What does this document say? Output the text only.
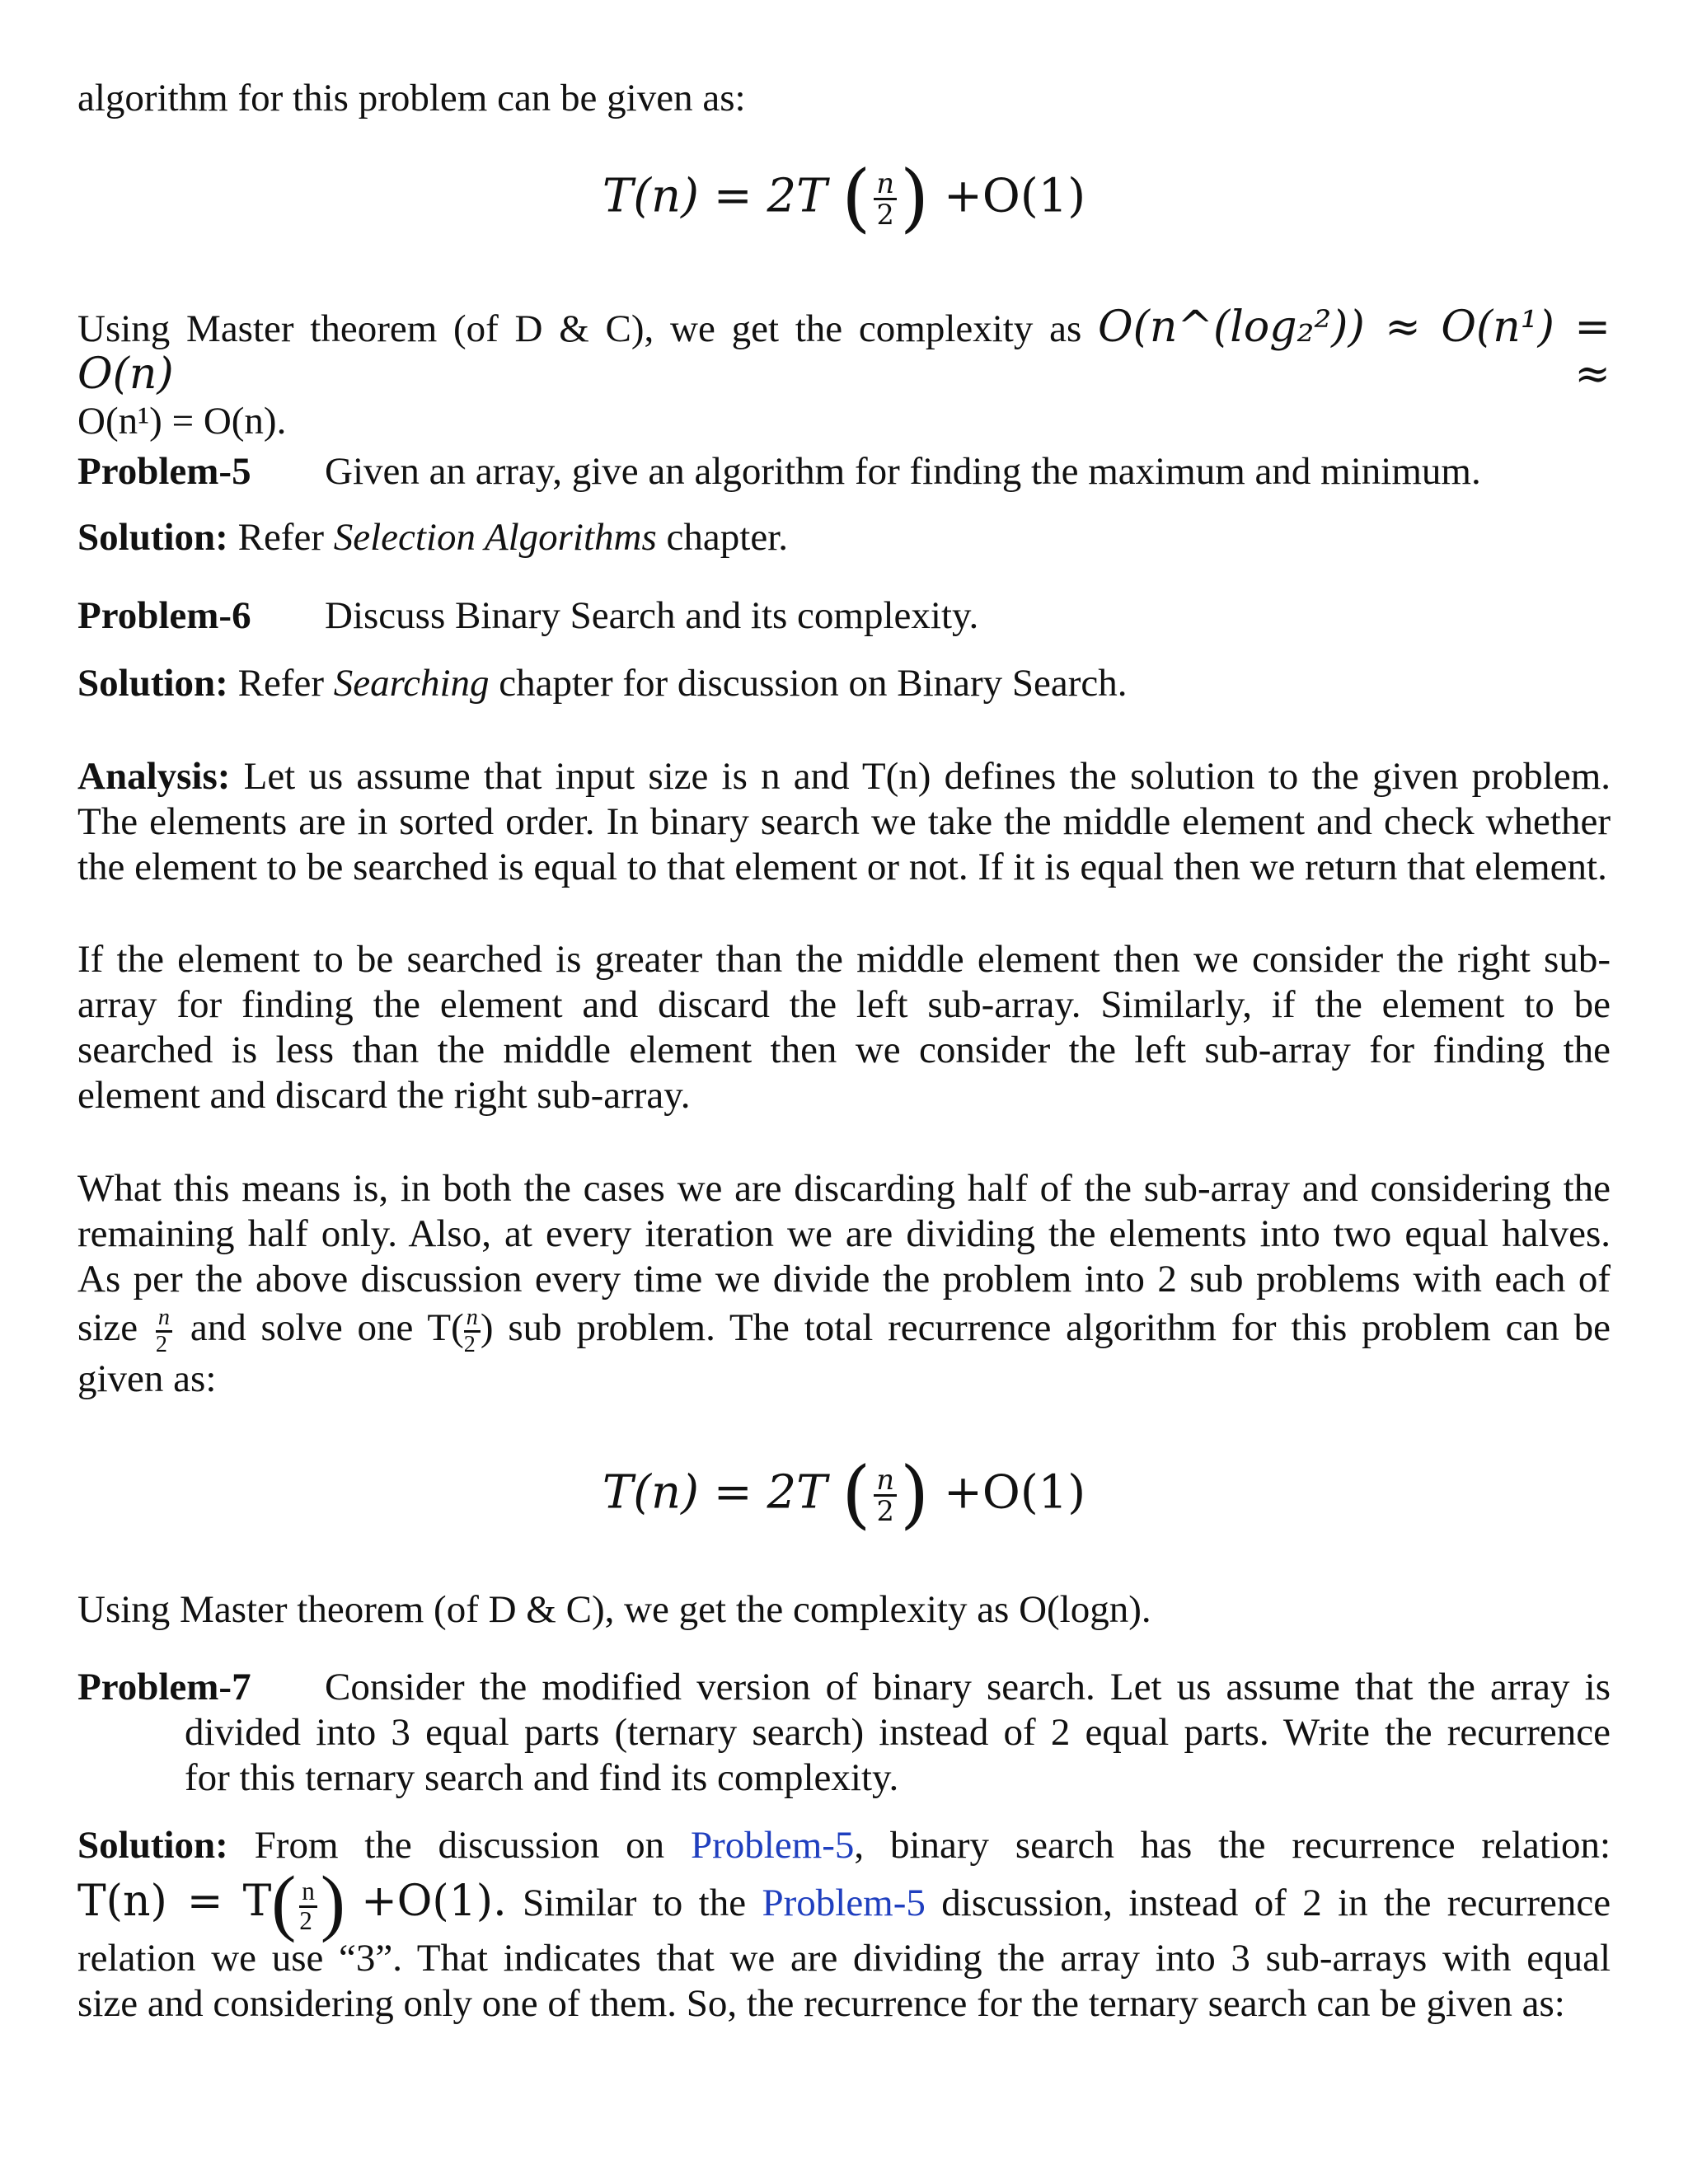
algorithm for this problem can be given as:
T(n) = 2T ( $\frac{n}{2}$ ) +O(1)

Using Master theorem (of D & C), we get the complexity as O(n^(log₂²)) ≈ O(n¹) = O(n) ≈

O(n¹) = O(n).

Problem-5 Given an array, give an algorithm for finding the maximum and minimum.
Solution: Refer Selection Algorithms chapter.
Problem-6 Discuss Binary Search and its complexity.
Solution: Refer Searching chapter for discussion on Binary Search.

Analysis: Let us assume that input size is n and T(n) defines the solution to the given problem.

The elements are in sorted order. In binary search we take the middle element and check whether

the element to be searched is equal to that element or not. If it is equal then we return that element.

If the element to be searched is greater than the middle element then we consider the right sub-

array for finding the element and discard the left sub-array. Similarly, if the element to be

searched is less than the middle element then we consider the left sub-array for finding the

element and discard the right sub-array.

What this means is, in both the cases we are discarding half of the sub-array and considering the

remaining half only. Also, at every iteration we are dividing the elements into two equal halves.

As per the above discussion every time we divide the problem into 2 sub problems with each of

size $\frac{n}{2}$ and solve one $T( \frac{n}{2}$ ) sub problem. The total recurrence algorithm for this problem can be

given as:

T(n) = 2T ( $\frac{n}{2}$ ) +O(1)
Using Master theorem (of D & C), we get the complexity as O(logn).

Problem-7 Consider the modified version of binary search. Let us assume that the array is

divided into 3 equal parts (ternary search) instead of 2 equal parts. Write the recurrence

for this ternary search and find its complexity.

Solution: From the discussion on Problem-5, binary search has the recurrence relation:

$T(n) = T( \frac{n}{2}$ ) +O(1). Similar to the Problem-5 discussion, instead of 2 in the recurrence

relation we use “3”. That indicates that we are dividing the array into 3 sub-arrays with equal

size and considering only one of them. So, the recurrence for the ternary search can be given as:
